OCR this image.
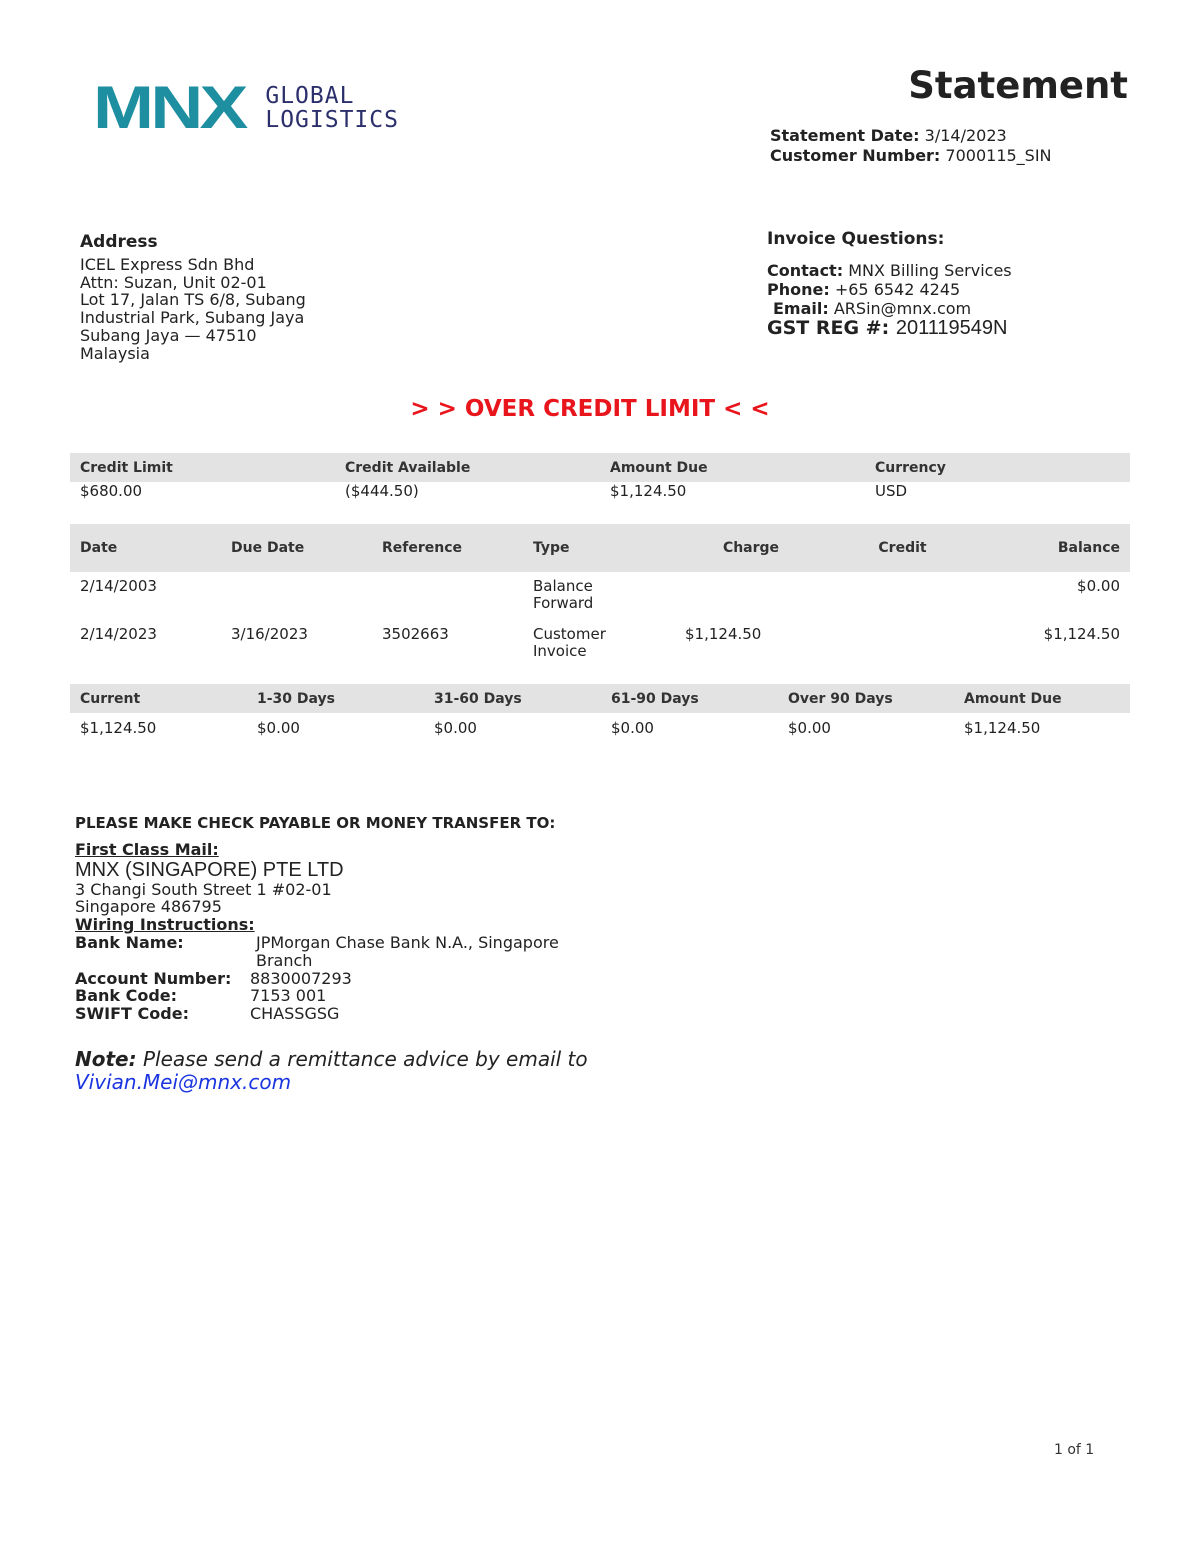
MNX GLOBAL
LOGISTICS
Statement
Statement Date: 3/14/2023
Customer Number: 7000115_SIN
Address
ICEL Express Sdn Bhd
Attn: Suzan, Unit 02-01
Lot 17, Jalan TS 6/8, Subang
Industrial Park, Subang Jaya
Subang Jaya — 47510
Malaysia
Invoice Questions:
Contact: MNX Billing Services
Phone: +65 6542 4245
Email: ARSin@mnx.com
GST REG #: 201119549N
> > OVER CREDIT LIMIT < <
Credit Limit	Credit Available	Amount Due	Currency
$680.00	($444.50)	$1,124.50	USD
Date	Due Date	Reference	Type	Charge	Credit	Balance
2/14/2003			Balance Forward			$0.00
2/14/2023	3/16/2023	3502663	Customer Invoice	$1,124.50		$1,124.50
Current	1-30 Days	31-60 Days	61-90 Days	Over 90 Days	Amount Due
$1,124.50	$0.00	$0.00	$0.00	$0.00	$1,124.50
PLEASE MAKE CHECK PAYABLE OR MONEY TRANSFER TO:
First Class Mail:
MNX (SINGAPORE) PTE LTD
3 Changi South Street 1 #02-01
Singapore 486795
Wiring Instructions:
Bank Name:	JPMorgan Chase Bank N.A., Singapore Branch
Account Number:	8830007293
Bank Code:	7153 001
SWIFT Code:	CHASSGSG
Note: Please send a remittance advice by email to
Vivian.Mei@mnx.com
1 of 1
